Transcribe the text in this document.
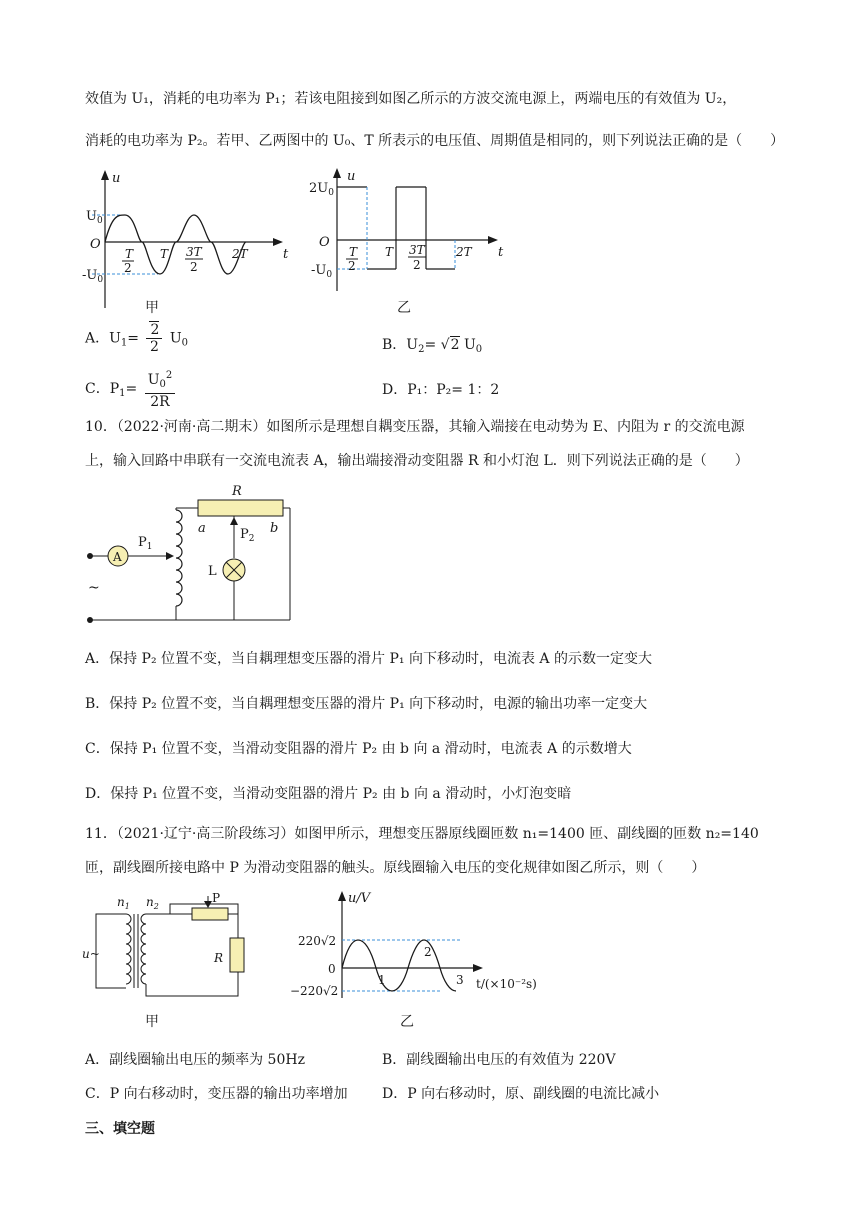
效值为 U₁，消耗的电功率为 P₁；若该电阻接到如图乙所示的方波交流电源上，两端电压的有效值为 U₂，
消耗的电功率为 P₂。若甲、乙两图中的 U₀、T 所表示的电压值、周期值是相同的，则下列说法正确的是（　　）
u
t
O
$U_0$
$-U_0$
T
2
T 3T
2
2T
甲
u
t
O
$2U_0$
$-U_0$
T
2
T 3T
2
2T
乙
A．$U_1= \frac{2}{2} U_0$	B．$U_2= √2$ $U_0$
C．$P_1= \frac{U_0^2}{2R}$	D．P₁：P₂= 1：2
10．（2022·河南·高二期末）如图所示是理想自耦变压器，其输入端接在电动势为 E、内阻为 r 的交流电源
上，输入回路中串联有一交流电流表 A，输出端接滑动变阻器 R 和小灯泡 L．则下列说法正确的是（　　）
A
$P_1$
~
R
a	b
$P_2$
L
A．保持 P₂ 位置不变，当自耦理想变压器的滑片 P₁ 向下移动时，电流表 A 的示数一定变大
B．保持 P₂ 位置不变，当自耦理想变压器的滑片 P₁ 向下移动时，电源的输出功率一定变大
C．保持 P₁ 位置不变，当滑动变阻器的滑片 P₂ 由 b 向 a 滑动时，电流表 A 的示数增大
D．保持 P₁ 位置不变，当滑动变阻器的滑片 P₂ 由 b 向 a 滑动时，小灯泡变暗
11．（2021·辽宁·高三阶段练习）如图甲所示，理想变压器原线圈匝数 n₁=1400 匝、副线圈的匝数 n₂=140
匝，副线圈所接电路中 P 为滑动变阻器的触头。原线圈输入电压的变化规律如图乙所示，则（　　）
$n_1$ $n_2$
u~
P
R
甲
u/V
220√2
−220√2
0
1
2
3 t/(×10⁻²s)
乙
A．副线圈输出电压的频率为 50Hz	B．副线圈输出电压的有效值为 220V
C．P 向右移动时，变压器的输出功率增加 D．P 向右移动时，原、副线圈的电流比减小
三、填空题
